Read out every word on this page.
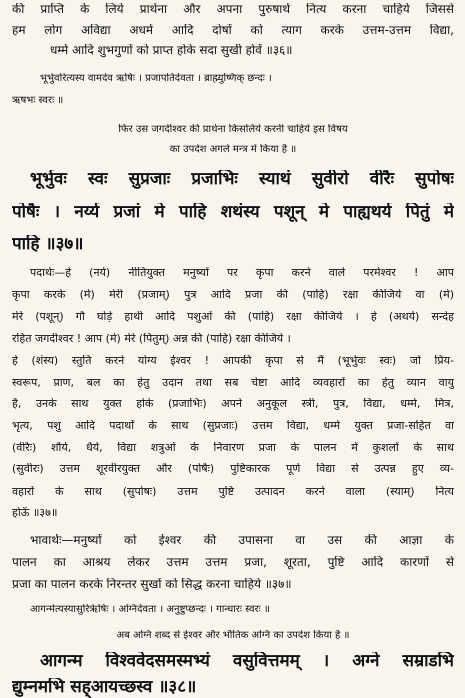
की प्राप्ति के लिये प्रार्थना और अपना पुरुषार्थ नित्य करना चाहिये जिससे
हम लोग अविद्या अधर्म आदि दोषों को त्याग करके उत्तम-उत्तम विद्या,
धर्म्म आदि शुभगुणों को प्राप्त होके सदा सुखी होवें ॥३६॥
भूर्भुवरित्यस्य वामदेव ऋषिः । प्रजापतिर्देवता । ब्राह्म्युष्णिक् छन्दः ।
ऋषभः स्वरः ॥
फिर उस जगदीश्वर की प्रार्थना किसलिये करनी चाहिये इस विषय
का उपदेश अगले मन्त्र में किया है ॥
भूर्भुवः स्वः सुप्रजाः प्रजाभिः स्याथं सुवीरो वीरैः सुपोषः
पोषैः । नर्य्य प्रजां मे पाहि शथंस्य पशून् मे पाह्यथर्य पितुं मे
पाहि ॥३७॥
पदार्थः—हे (नर्य) नीतियुक्त मनुष्यों पर कृपा करने वाले परमेश्वर ! आप
कृपा करके (मे) मेरी (प्रजाम्) पुत्र आदि प्रजा की (पाहि) रक्षा कीजिये वा (मे)
मेरे (पशून्) गौ घोड़े हाथी आदि पशुओं की (पाहि) रक्षा कीजिये । हे (अथर्य) सन्देह
रहित जगदीश्वर ! आप (मे) मेरे (पितुम्) अन्न की (पाहि) रक्षा कीजिये ।
हे (शंस्य) स्तुति करने योग्य ईश्वर ! आपकी कृपा से मैं (भूर्भुवः स्वः) जो प्रिय-
स्वरूप, प्राण, बल का हेतु उदान तथा सब चेष्टा आदि व्यवहारों का हेतु व्यान वायु
है, उनके साथ युक्त होके (प्रजाभिः) अपने अनुकूल स्त्री, पुत्र, विद्या, धर्म्म, मित्र,
भृत्य, पशु आदि पदार्थों के साथ (सुप्रजाः) उत्तम विद्या, धर्म्म युक्त प्रजा-सहित वा
(वीरैः) शौर्य, धैर्य, विद्या शत्रुओं के निवारण प्रजा के पालन में कुशलों के साथ
(सुवीरः) उत्तम शूरवीरयुक्त और (पोषैः) पुष्टिकारक पूर्ण विद्या से उत्पन्न हुए व्य-
वहारों के साथ (सुपोषः) उत्तम पुष्टि उत्पादन करने वाला (स्याम्) नित्य
होऊँ ॥३७॥
भावार्थः—मनुष्यों को ईश्वर की उपासना वा उस की आज्ञा के
पालन का आश्रय लेकर उत्तम उत्तम प्रजा, शूरता, पुष्टि आदि कारणों से
प्रजा का पालन करके निरन्तर सुखों को सिद्ध करना चाहिये ॥३७॥
आगन्मेत्यस्यासुरिर्ऋषिः । अग्निर्देवता । अनुष्टुप्छन्दः । गान्धारः स्वरः ॥
अब अग्नि शब्द से ईश्वर और भौतिक अग्नि का उपदेश किया है ॥
आगन्म विश्ववेदसमस्मभ्यं वसुवित्तमम् । अग्ने सम्राडभि
द्युम्नमभि सह्आयच्छस्व ॥३८॥
